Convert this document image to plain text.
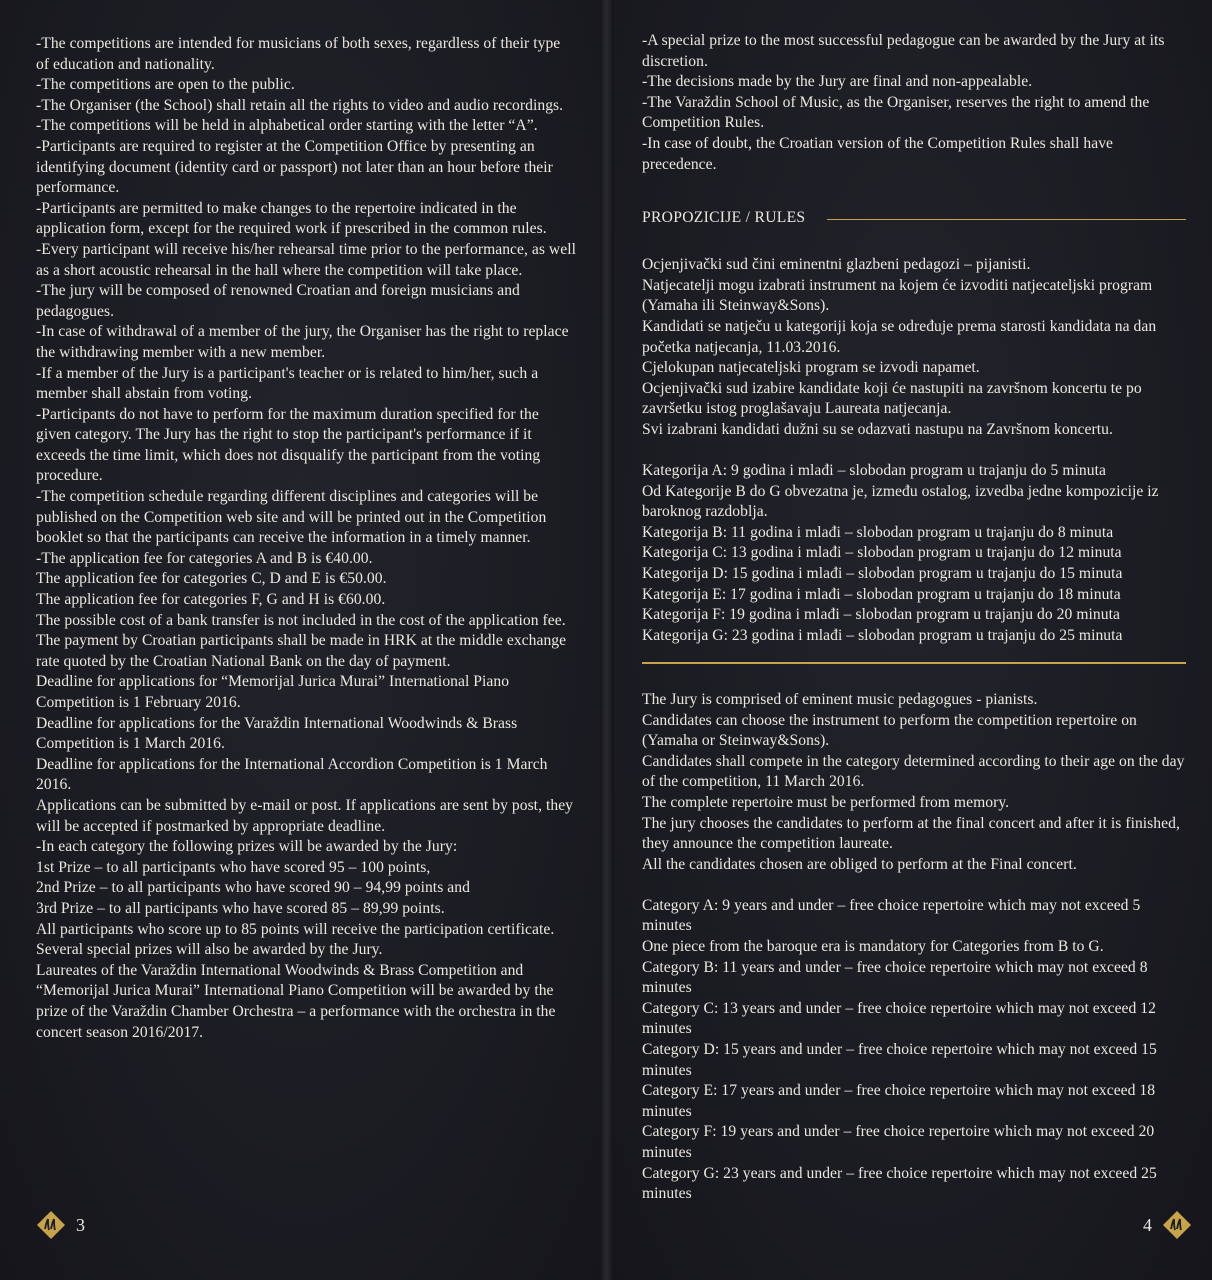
-The competitions are intended for musicians of both sexes, regardless of their type of education and nationality.

-The competitions are open to the public.

-The Organiser (the School) shall retain all the rights to video and audio recordings.

-The competitions will be held in alphabetical order starting with the letter “A”.

-Participants are required to register at the Competition Office by presenting an identifying document (identity card or passport) not later than an hour before their performance.

-Participants are permitted to make changes to the repertoire indicated in the application form, except for the required work if prescribed in the common rules.

-Every participant will receive his/her rehearsal time prior to the performance, as well as a short acoustic rehearsal in the hall where the competition will take place.

-The jury will be composed of renowned Croatian and foreign musicians and pedagogues.

-In case of withdrawal of a member of the jury, the Organiser has the right to replace the withdrawing member with a new member.

-If a member of the Jury is a participant's teacher or is related to him/her, such a member shall abstain from voting.

-Participants do not have to perform for the maximum duration specified for the given category. The Jury has the right to stop the participant's performance if it exceeds the time limit, which does not disqualify the participant from the voting procedure.

-The competition schedule regarding different disciplines and categories will be published on the Competition web site and will be printed out in the Competition booklet so that the participants can receive the information in a timely manner.

-The application fee for categories A and B is €40.00.

The application fee for categories C, D and E is €50.00.

The application fee for categories F, G and H is €60.00.

The possible cost of a bank transfer is not included in the cost of the application fee.

The payment by Croatian participants shall be made in HRK at the middle exchange rate quoted by the Croatian National Bank on the day of payment.

Deadline for applications for “Memorijal Jurica Murai” International Piano Competition is 1 February 2016.

Deadline for applications for the Varaždin International Woodwinds & Brass Competition is 1 March 2016.

Deadline for applications for the International Accordion Competition is 1 March 2016.

Applications can be submitted by e-mail or post. If applications are sent by post, they will be accepted if postmarked by appropriate deadline.

-In each category the following prizes will be awarded by the Jury:

1st Prize – to all participants who have scored 95 – 100 points,

2nd Prize – to all participants who have scored 90 – 94,99 points and

3rd Prize – to all participants who have scored 85 – 89,99 points.

All participants who score up to 85 points will receive the participation certificate. Several special prizes will also be awarded by the Jury.

Laureates of the Varaždin International Woodwinds & Brass Competition and “Memorijal Jurica Murai” International Piano Competition will be awarded by the prize of the Varaždin Chamber Orchestra – a performance with the orchestra in the concert season 2016/2017.

3

-A special prize to the most successful pedagogue can be awarded by the Jury at its discretion.

-The decisions made by the Jury are final and non-appealable.

-The Varaždin School of Music, as the Organiser, reserves the right to amend the Competition Rules.

-In case of doubt, the Croatian version of the Competition Rules shall have precedence.

PROPOZICIJE / RULES

Ocjenjivački sud čini eminentni glazbeni pedagozi – pijanisti.

Natjecatelji mogu izabrati instrument na kojem će izvoditi natjecateljski program (Yamaha ili Steinway&Sons).

Kandidati se natječu u kategoriji koja se određuje prema starosti kandidata na dan početka natjecanja, 11.03.2016.

Cjelokupan natjecateljski program se izvodi napamet.

Ocjenjivački sud izabire kandidate koji će nastupiti na završnom koncertu te po završetku istog proglašavaju Laureata natjecanja.

Svi izabrani kandidati dužni su se odazvati nastupu na Završnom koncertu.

Kategorija A: 9 godina i mlađi – slobodan program u trajanju do 5 minuta

Od Kategorije B do G obvezatna je, između ostalog, izvedba jedne kompozicije iz baroknog razdoblja.

Kategorija B: 11 godina i mlađi – slobodan program u trajanju do 8 minuta

Kategorija C: 13 godina i mlađi – slobodan program u trajanju do 12 minuta

Kategorija D: 15 godina i mlađi – slobodan program u trajanju do 15 minuta

Kategorija E: 17 godina i mlađi – slobodan program u trajanju do 18 minuta

Kategorija F: 19 godina i mlađi – slobodan program u trajanju do 20 minuta

Kategorija G: 23 godina i mlađi – slobodan program u trajanju do 25 minuta

The Jury is comprised of eminent music pedagogues - pianists.

Candidates can choose the instrument to perform the competition repertoire on (Yamaha or Steinway&Sons).

Candidates shall compete in the category determined according to their age on the day of the competition, 11 March 2016.

The complete repertoire must be performed from memory.

The jury chooses the candidates to perform at the final concert and after it is finished, they announce the competition laureate.

All the candidates chosen are obliged to perform at the Final concert.

Category A: 9 years and under – free choice repertoire which may not exceed 5 minutes

One piece from the baroque era is mandatory for Categories from B to G.

Category B: 11 years and under – free choice repertoire which may not exceed 8 minutes

Category C: 13 years and under – free choice repertoire which may not exceed 12 minutes

Category D: 15 years and under – free choice repertoire which may not exceed 15 minutes

Category E: 17 years and under – free choice repertoire which may not exceed 18 minutes

Category F: 19 years and under – free choice repertoire which may not exceed 20 minutes

Category G: 23 years and under – free choice repertoire which may not exceed 25 minutes

4
